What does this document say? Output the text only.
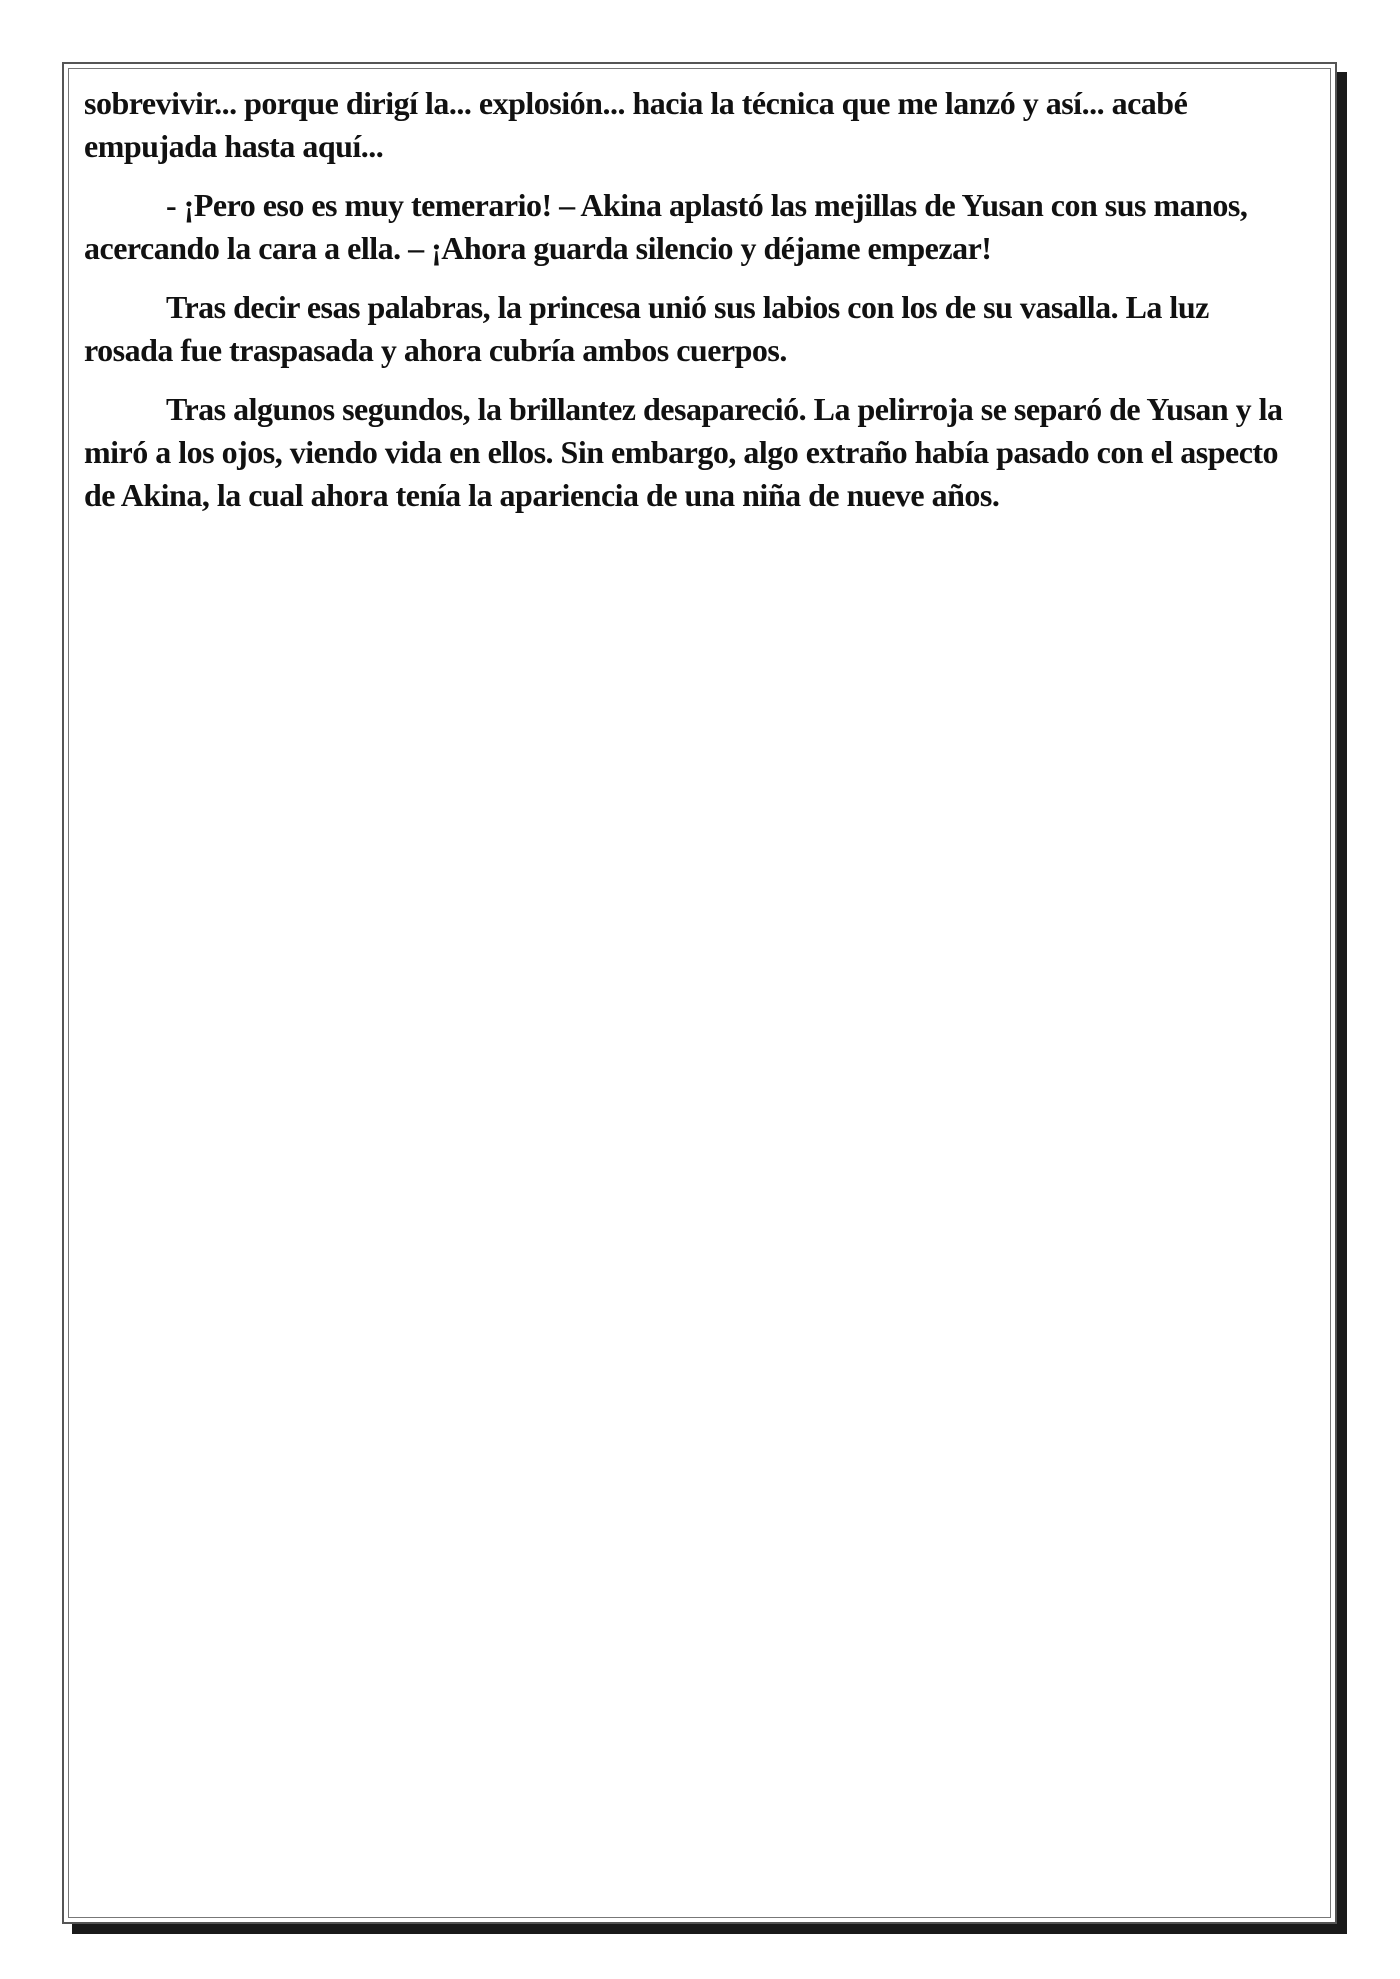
sobrevivir... porque dirigí la... explosión... hacia la técnica que me lanzó y así... acabé empujada hasta aquí...

- ¡Pero eso es muy temerario! – Akina aplastó las mejillas de Yusan con sus manos, acercando la cara a ella. – ¡Ahora guarda silencio y déjame empezar!

Tras decir esas palabras, la princesa unió sus labios con los de su vasalla. La luz rosada fue traspasada y ahora cubría ambos cuerpos.

Tras algunos segundos, la brillantez desapareció. La pelirroja se separó de Yusan y la miró a los ojos, viendo vida en ellos. Sin embargo, algo extraño había pasado con el aspecto de Akina, la cual ahora tenía la apariencia de una niña de nueve años.
